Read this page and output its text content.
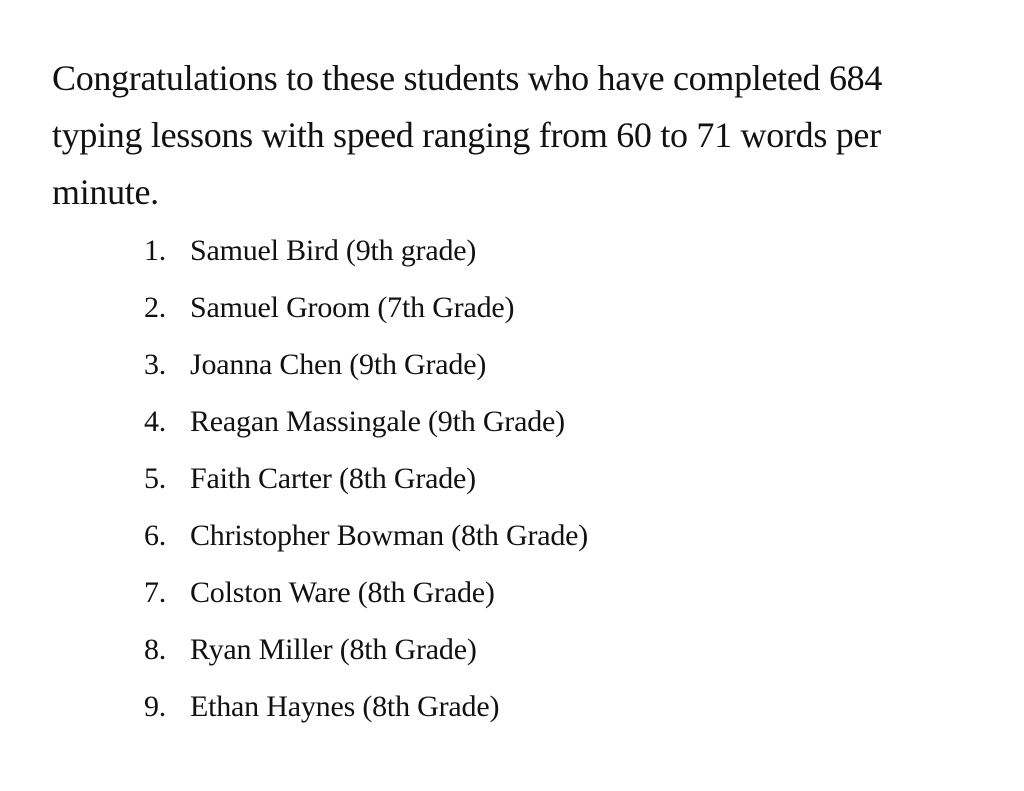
Congratulations to these students who have completed 684 typing lessons with speed ranging from 60 to 71 words per minute.

1. Samuel Bird (9th grade)
2. Samuel Groom (7th Grade)
3. Joanna Chen (9th Grade)
4. Reagan Massingale (9th Grade)
5. Faith Carter (8th Grade)
6. Christopher Bowman (8th Grade)
7. Colston Ware (8th Grade)
8. Ryan Miller (8th Grade)
9. Ethan Haynes (8th Grade)
